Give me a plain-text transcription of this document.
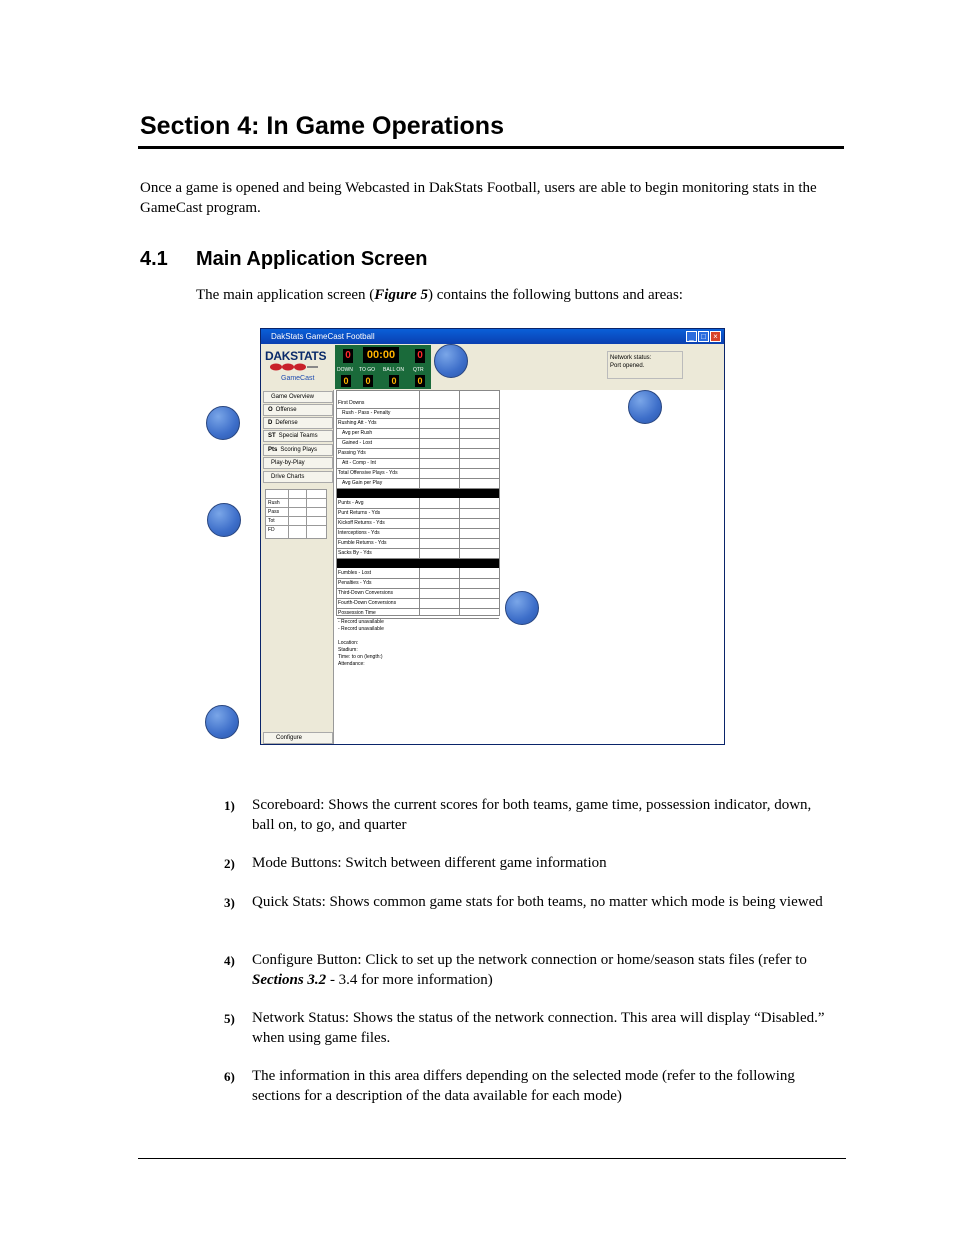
Section 4: In Game Operations
Once a game is opened and being Webcasted in DakStats Football, users are able to begin monitoring stats in the GameCast program.
4.1 Main Application Screen
The main application screen (Figure 5) contains the following buttons and areas:
DakStats GameCast Football	_ □ ×
DAKSTATS
GameCast
0	00:00	0
DOWN TO GO BALL ON QTR
0 0 0 0
Network status:
Port opened.
Game Overview
O Offense
D Defense
ST Special Teams
Pts Scoring Plays
Play-by-Play
Drive Charts
Rush
Pass
Tot
FD
Configure
First Downs
Rush - Pass - Penalty
Rushing Att - Yds
Avg per Rush
Gained - Lost
Passing Yds
Att - Comp - Int
Total Offensive Plays - Yds
Avg Gain per Play
Punts - Avg
Punt Returns - Yds
Kickoff Returns - Yds
Interceptions - Yds
Fumble Returns - Yds
Sacks By - Yds
Fumbles - Lost
Penalties - Yds
Third-Down Conversions
Fourth-Down Conversions
Possession Time
- Record unavailable
- Record unavailable
Location:
Stadium:
Time: to on (length:)
Attendance:
1) Scoreboard: Shows the current scores for both teams, game time, possession indicator, down, ball on, to go, and quarter
2) Mode Buttons: Switch between different game information
3) Quick Stats: Shows common game stats for both teams, no matter which mode is being viewed
4) Configure Button: Click to set up the network connection or home/season stats files (refer to Sections 3.2 - 3.4 for more information)
5) Network Status: Shows the status of the network connection. This area will display “Disabled.” when using game files.
6) The information in this area differs depending on the selected mode (refer to the following sections for a description of the data available for each mode)
